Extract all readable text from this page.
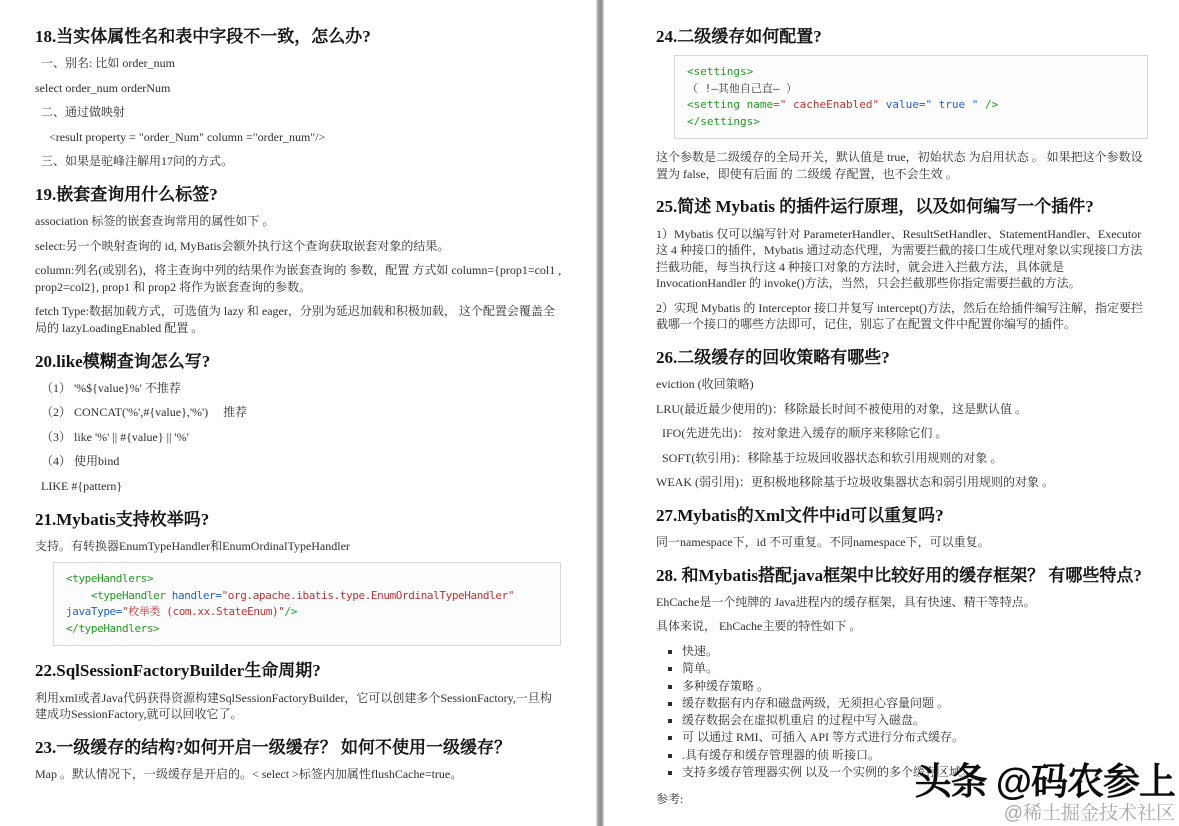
18.当实体属性名和表中字段不一致，怎么办?

一、别名: 比如 order_num

select order_num orderNum

二、通过做映射

<result property = "order_Num" column ="order_num"/>

三、如果是驼峰注解用17问的方式。

19.嵌套查询用什么标签?

association 标签的嵌套查询常用的属性如下 。

select:另一个映射查询的 id, MyBatis会额外执行这个查询获取嵌套对象的结果。

column:列名(或别名)，将主查询中列的结果作为嵌套查询的 参数，配置 方式如 column={prop1=col1 , prop2=col2}, prop1 和 prop2 将作为嵌套查询的参数。

fetch Type:数据加载方式，可选值为 lazy 和 eager，分别为延迟加载和积极加载， 这个配置会覆盖全局的 lazyLoadingEnabled 配置 。

20.like模糊查询怎么写?

（1） '%${value}%' 不推荐

（2） CONCAT('%',#{value},'%')　 推荐

（3） like '%' || #{value} || '%'

（4） 使用bind

LIKE #{pattern}

21.Mybatis支持枚举吗?

支持。有转换器EnumTypeHandler和EnumOrdinalTypeHandler

<typeHandlers>
<typeHandler handler="org.apache.ibatis.type.EnumOrdinalTypeHandler"
javaType="枚举类 (com.xx.StateEnum)"/>
</typeHandlers>
22.SqlSessionFactoryBuilder生命周期?

利用xml或者Java代码获得资源构建SqlSessionFactoryBuilder，它可以创建多个SessionFactory,一旦构建成功SessionFactory,就可以回收它了。

23.一级缓存的结构?如何开启一级缓存？ 如何不使用一级缓存？

Map 。默认情况下，一级缓存是开启的。< select >标签内加属性flushCache=true。

24.二级缓存如何配置?
<settings>
（ !—其他自己直— ）
<setting name=" cacheEnabled" value=" true " />
</settings>

这个参数是二级缓存的全局开关，默认值是 true，初始状态 为启用状态 。 如果把这个参数设置为 false，即使有后面 的 二级缓 存配置，也不会生效 。

25.简述 Mybatis 的插件运行原理，以及如何编写一个插件?

1）Mybatis 仅可以编写针对 ParameterHandler、ResultSetHandler、StatementHandler、Executor 这 4 种接口的插件，Mybatis 通过动态代理，为需要拦截的接口生成代理对象以实现接口方法拦截功能，每当执行这 4 种接口对象的方法时，就会进入拦截方法，具体就是 InvocationHandler 的 invoke()方法，当然，只会拦截那些你指定需要拦截的方法。

2）实现 Mybatis 的 Interceptor 接口并复写 intercept()方法，然后在给插件编写注解，指定要拦截哪一个接口的哪些方法即可，记住，别忘了在配置文件中配置你编写的插件。

26.二级缓存的回收策略有哪些?

eviction (收回策略)

LRU(最近最少使用的)：移除最长时间不被使用的对象，这是默认值 。

IFO(先进先出)： 按对象进入缓存的顺序来移除它们 。

SOFT(软引用)：移除基于垃圾回收器状态和软引用规则的对象 。

WEAK (弱引用)：更积极地移除基于垃圾收集器状态和弱引用规则的对象 。

27.Mybatis的Xml文件中id可以重复吗?

同一namespace下，id 不可重复。不同namespace下，可以重复。

28. 和Mybatis搭配java框架中比较好用的缓存框架？ 有哪些特点?

EhCache是一个纯牌的 Java进程内的缓存框架，具有快速、精干等特点。

具体来说， EhCache主要的特性如下 。

▪ 快速。
▪ 简单。
▪ 多种缓存策略 。
▪ 缓存数据有内存和磁盘两级，无须担心容量问题 。
▪ 缓存数据会在虚拟机重启 的过程中写入磁盘。
▪ 可 以通过 RMI、可插入 API 等方式进行分布式缓存。
▪ .具有缓存和缓存管理器的侦 昕接口。
▪ 支持多缓存管理器实例 以及一个实例的多个缓存区域。

参考:	头条 @码农参上
@稀土掘金技术社区
